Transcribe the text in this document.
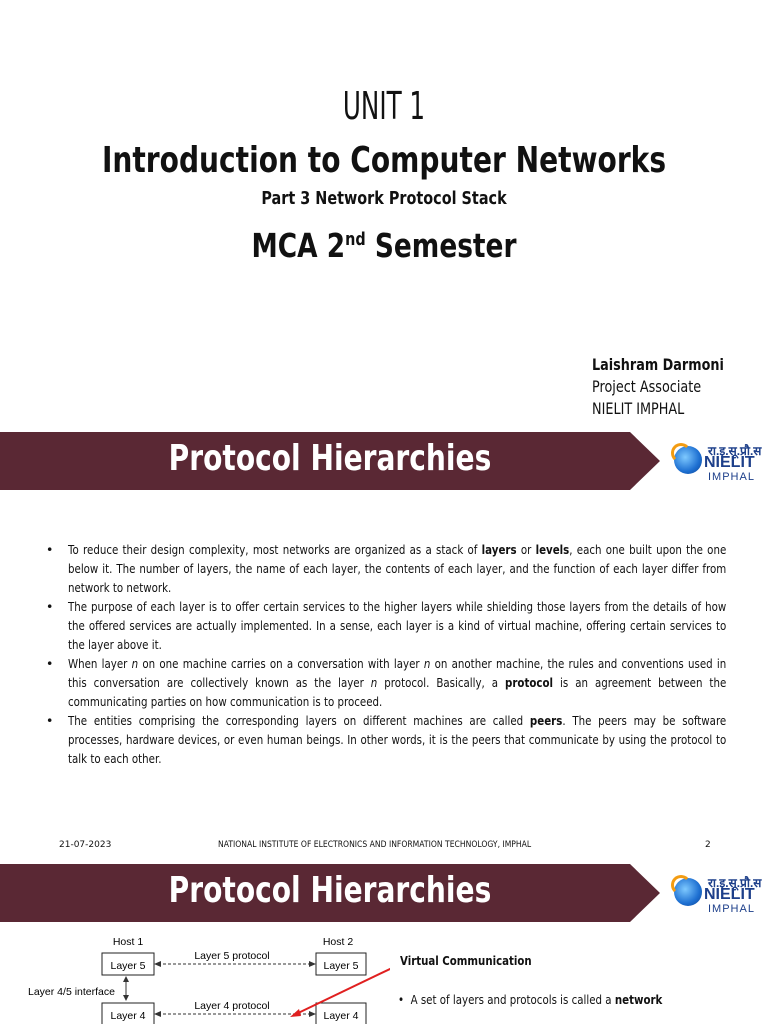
UNIT 1
Introduction to Computer Networks
Part 3 Network Protocol Stack
MCA 2nd Semester
Laishram Darmoni
Project Associate
NIELIT IMPHAL
Protocol Hierarchies	रा.इ.सू.प्रौ.स
NIELIT
IMPHAL
• To reduce their design complexity, most networks are organized as a stack of layers or levels, each one built upon the one below it. The number of layers, the name of each layer, the contents of each layer, and the function of each layer differ from network to network.
• The purpose of each layer is to offer certain services to the higher layers while shielding those layers from the details of how the offered services are actually implemented. In a sense, each layer is a kind of virtual machine, offering certain services to the layer above it.
• When layer n on one machine carries on a conversation with layer n on another machine, the rules and conventions used in this conversation are collectively known as the layer n protocol. Basically, a protocol is an agreement between the communicating parties on how communication is to proceed.
• The entities comprising the corresponding layers on different machines are called peers. The peers may be software processes, hardware devices, or even human beings. In other words, it is the peers that communicate by using the protocol to talk to each other.
21-07-2023	NATIONAL INSTITUTE OF ELECTRONICS AND INFORMATION TECHNOLOGY, IMPHAL	2
Protocol Hierarchies	रा.इ.सू.प्रौ.स
NIELIT
IMPHAL
Host 1	Host 2
Layer 5	Layer 5
Layer 5 protocol
Layer 4/5 interface
Layer 4	Layer 4
Layer 4 protocol
Virtual Communication
•  A set of layers and protocols is called a network
